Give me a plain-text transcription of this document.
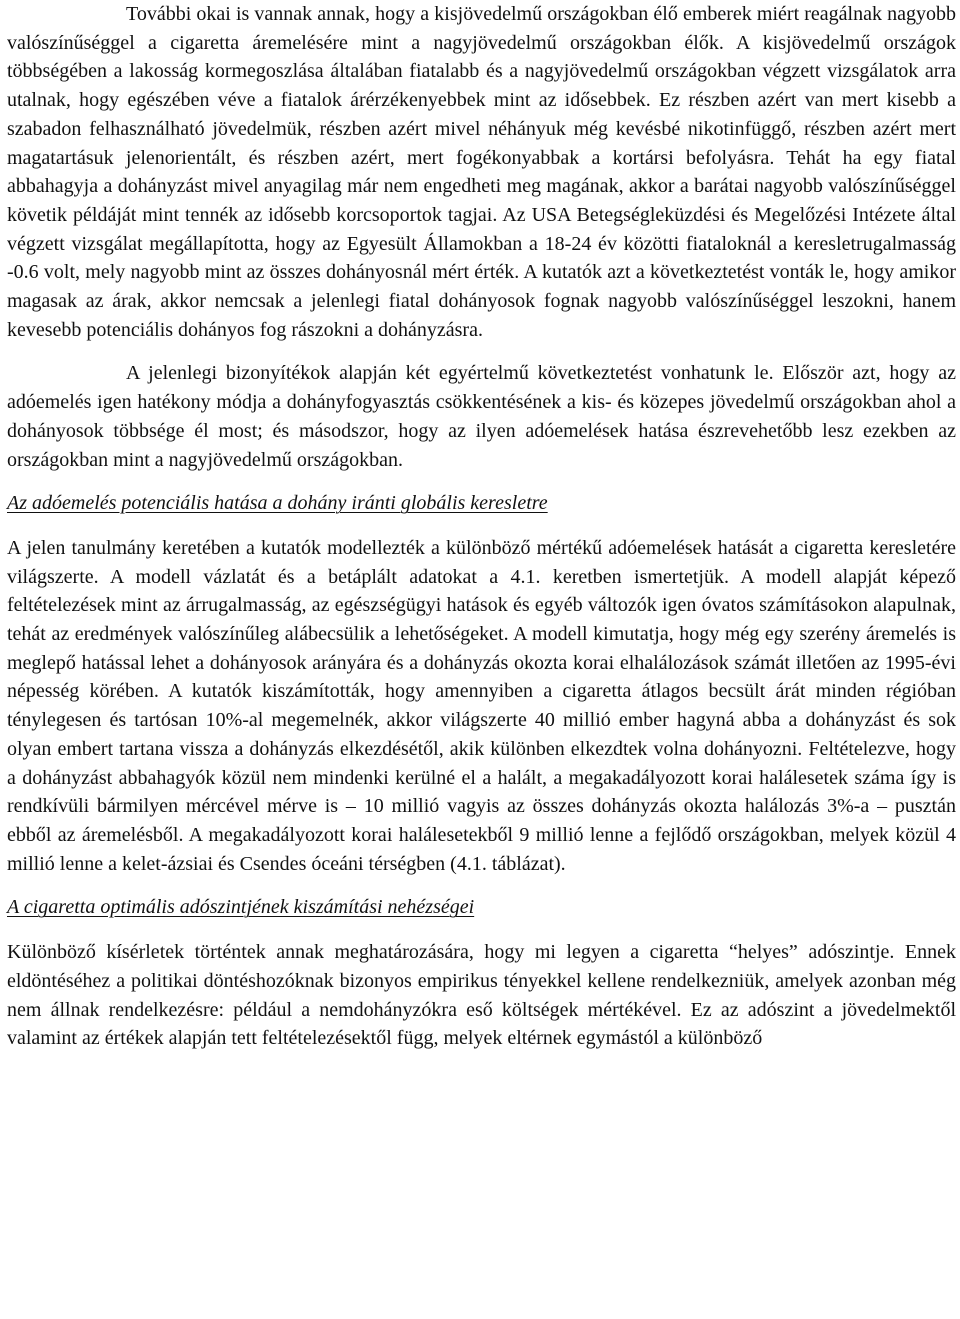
További okai is vannak annak, hogy a kisjövedelmű országokban élő emberek miért reagálnak nagyobb valószínűséggel a cigaretta áremelésére mint a nagyjövedelmű országokban élők. A kisjövedelmű országok többségében a lakosság kormegoszlása általában fiatalabb és a nagyjövedelmű országokban végzett vizsgálatok arra utalnak, hogy egészében véve a fiatalok árérzékenyebbek mint az idősebbek. Ez részben azért van mert kisebb a szabadon felhasználható jövedelmük, részben azért mivel néhányuk még kevésbé nikotinfüggő, részben azért mert magatartásuk jelenorientált, és részben azért, mert fogékonyabbak a kortársi befolyásra. Tehát ha egy fiatal abbahagyja a dohányzást mivel anyagilag már nem engedheti meg magának, akkor a barátai nagyobb valószínűséggel követik példáját mint tennék az idősebb korcsoportok tagjai. Az USA Betegségleküzdési és Megelőzési Intézete által végzett vizsgálat megállapította, hogy az Egyesült Államokban a 18-24 év közötti fiataloknál a keresletrugalmasság -0.6 volt, mely nagyobb mint az összes dohányosnál mért érték. A kutatók azt a következtetést vonták le, hogy amikor magasak az árak, akkor nemcsak a jelenlegi fiatal dohányosok fognak nagyobb valószínűséggel leszokni, hanem kevesebb potenciális dohányos fog rászokni a dohányzásra.

A jelenlegi bizonyítékok alapján két egyértelmű következtetést vonhatunk le. Először azt, hogy az adóemelés igen hatékony módja a dohányfogyasztás csökkentésének a kis- és közepes jövedelmű országokban ahol a dohányosok többsége él most; és másodszor, hogy az ilyen adóemelések hatása észrevehetőbb lesz ezekben az országokban mint a nagyjövedelmű országokban.

Az adóemelés potenciális hatása a dohány iránti globális keresletre

A jelen tanulmány keretében a kutatók modellezték a különböző mértékű adóemelések hatását a cigaretta keresletére világszerte. A modell vázlatát és a betáplált adatokat a 4.1. keretben ismertetjük. A modell alapját képező feltételezések mint az árrugalmasság, az egészségügyi hatások és egyéb változók igen óvatos számításokon alapulnak, tehát az eredmények valószínűleg alábecsülik a lehetőségeket. A modell kimutatja, hogy még egy szerény áremelés is meglepő hatással lehet a dohányosok arányára és a dohányzás okozta korai elhalálozások számát illetően az 1995-évi népesség körében. A kutatók kiszámították, hogy amennyiben a cigaretta átlagos becsült árát minden régióban ténylegesen és tartósan 10%-al megemelnék, akkor világszerte 40 millió ember hagyná abba a dohányzást és sok olyan embert tartana vissza a dohányzás elkezdésétől, akik különben elkezdtek volna dohányozni. Feltételezve, hogy a dohányzást abbahagyók közül nem mindenki kerülné el a halált, a megakadályozott korai halálesetek száma így is rendkívüli bármilyen mércével mérve is – 10 millió vagyis az összes dohányzás okozta halálozás 3%-a – pusztán ebből az áremelésből. A megakadályozott korai halálesetekből 9 millió lenne a fejlődő országokban, melyek közül 4 millió lenne a kelet-ázsiai és Csendes óceáni térségben (4.1. táblázat).

A cigaretta optimális adószintjének kiszámítási nehézségei

Különböző kísérletek történtek annak meghatározására, hogy mi legyen a cigaretta “helyes” adószintje. Ennek eldöntéséhez a politikai döntéshozóknak bizonyos empirikus tényekkel kellene rendelkezniük, amelyek azonban még nem állnak rendelkezésre: például a nemdohányzókra eső költségek mértékével. Ez az adószint a jövedelmektől valamint az értékek alapján tett feltételezésektől függ, melyek eltérnek egymástól a különböző
